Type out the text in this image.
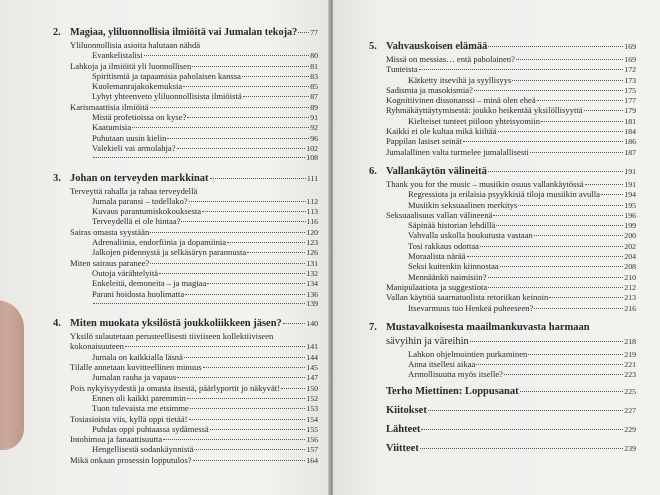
2. Magiaa, yliluonnollisia ilmiöitä vai Jumalan tekoja? 77
Yliluonnollisia asioita halutaan nähdä
Evankelistalisi	80
Lahkoja ja ilmiöitä yli luonnollisen	81
Spiritismiä ja tapaamisia paholaisen kanssa	83
Kuolemanrajakokemuksia	85
Lyhyt yhteenveto yliluonnollisista ilmiöistä	87
Karismaattisia ilmiöitä	89
Mistä profetioissa on kyse?	91
Kaatumisia	92
Puhutaan uusin kielin	96
Valekieli vai armolahja?	102
108
3. Johan on terveyden markkinat	111
Terveyttä rahalla ja rahaa terveydellä
Jumala paransi – todellako?	112
Kuvaus parantumiskokouksesta	113
Terveydellä ei ole hintaa?	116
Sairas omasta syystään	120
Adrenaliinia, endorfiinia ja dopamiinia	123
Jalkojen pidennystä ja selkäsäryn parannusta	126
Miten sairaus paranee?	131
Outoja värähtelyitä	132
Enkeleitä, demoneita – ja magiaa	134
Parani hoidosta huolimatta	136
139
4. Miten muokata yksilöstä joukkoliikkeen jäsen?	140
Yksilö sulautetaan perusteellisesti tiiviiseen kollektiiviseen
kokonaisuuteen	141
Jumala on kaikkialla läsnä	144
Tilalle annetaan kuvitteellinen minuus	145
Jumalan rauha ja vapaus	147
Pois nykyisyydestä ja omasta itsestä, päärlyportit jo näkyvät!	150
Ennen oli kaikki paremmin	152
Tuon tulevaista me etsimme	153
Tosiasioista viis, kyllä oppi tietää!	154
Puhdas oppi puhtaassa sydämessä	155
Intohimoa ja fanaattisuutta	156
Hengellisestä sodankäynnistä	157
Mikä onkaan prosessin lopputulos?	164
5. Vahvauskoisen elämää	169
Missä on messias… entä paholainen?	169
Tunteista	172
Kätketty itsevihä ja syyllisyys	173
Sadismia ja masokismia?	175
Kognitiivinen dissonanssi – minä olen eheä	177
Ryhmäkäyttäytymisestä: joukko heikentää yksilöllisyyttä	179
Kielteiset tunteet piiloon yhteisyomiin	181
Kaikki ei ole kultaa mikä kiiltää	184
Pappilan lasiset seinät	186
Jumalallinen valta turmelee jumalallisesti	187
6. Vallankäytön välineitä	191
Thank you for the music – musiikin osuus vallankäytössä	191
Regressiota ja erilaisia psyykkisiä tiloja musiikin avulla	194
Musiikin seksuaalinen merkitys	195
Seksuaalisuus vallan välineenä	196
Säpinää historian lehdillä	199
Vahvalla uskolla houkutusta vastaan	200
Tosi rakkaus odottaa	202
Moraalista närää	204
Seksi kuitenkin kiinnostaa	208
Mennäänkö naimisiin?	210
Manipulaatiota ja suggestiota	212
Vallan käyttöä saarnatuolista retoriikan keinoin	213
Itsevarmuus tuo Henkeä puheeseen?	216
7. Mustavalkoisesta maailmankuvasta harmaan
sävyihin ja väreihin	218
Lahkon ohjelmointien purkaminen	219
Anna itsellesi aikaa	221
Armollisuutta myös itselle?	223
Terho Miettinen: Loppusanat	225
Kiitokset	227
Lähteet	229
Viitteet	239
